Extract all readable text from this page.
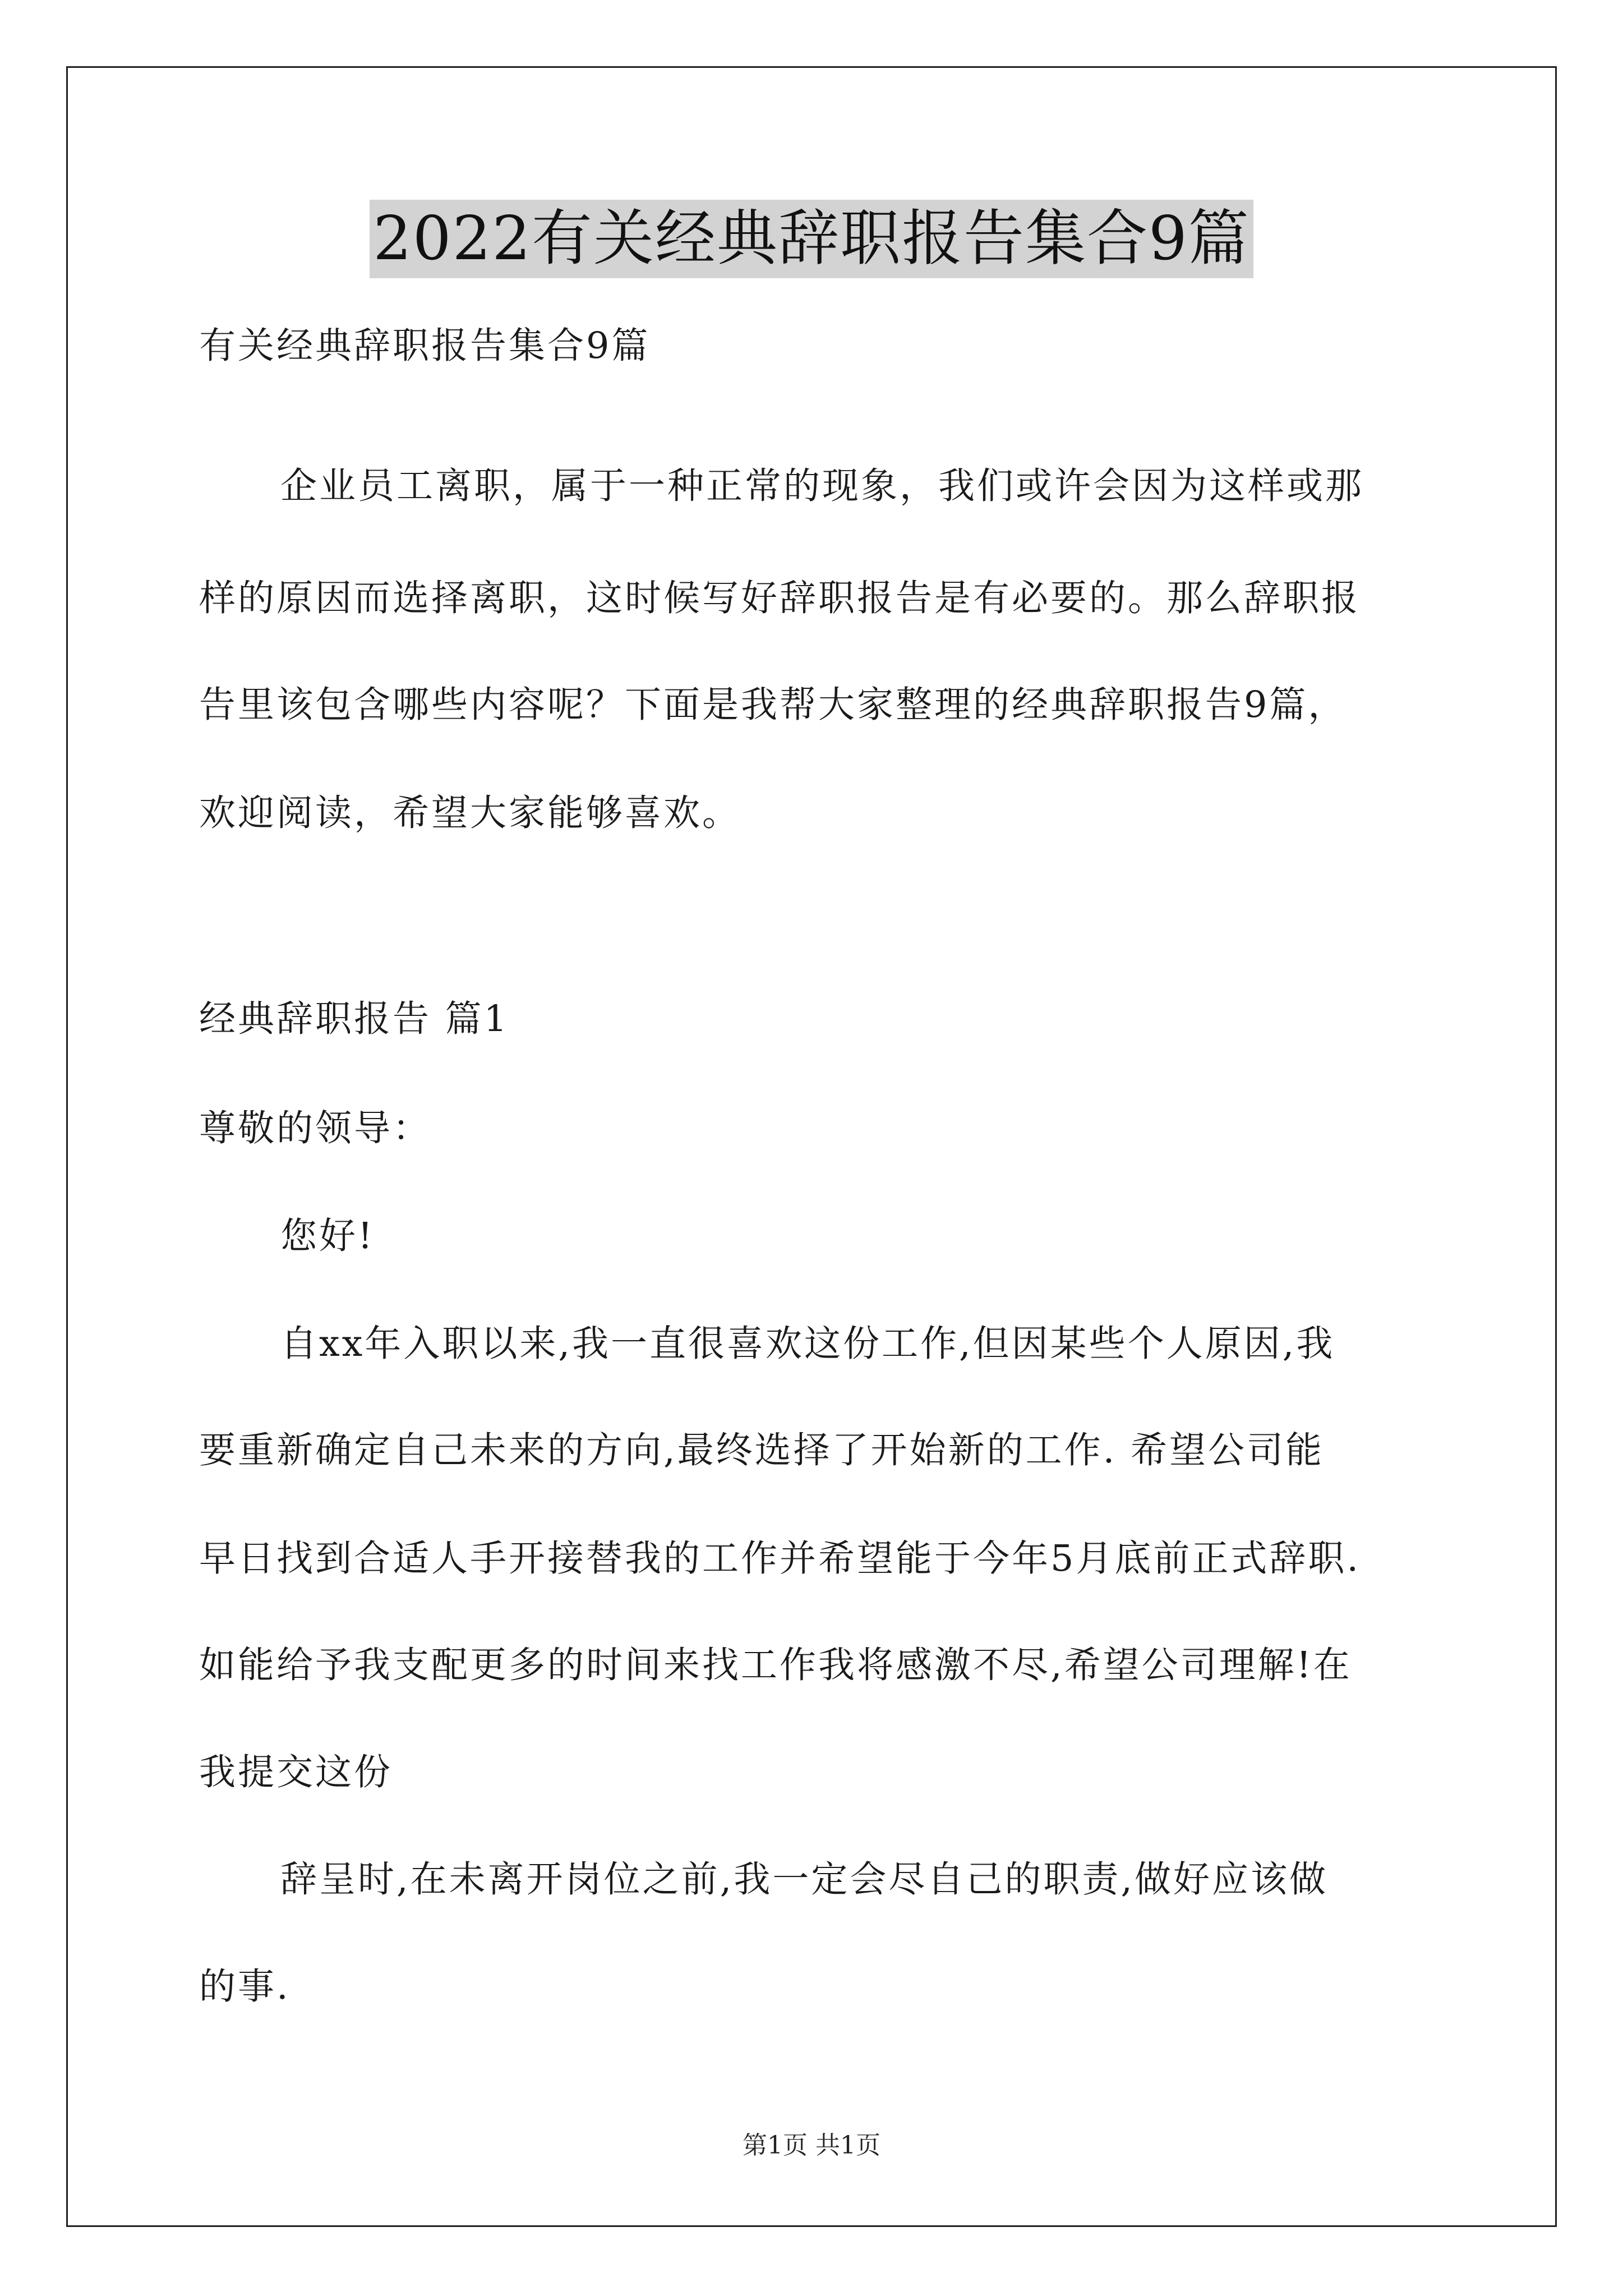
2022有关经典辞职报告集合9篇
有关经典辞职报告集合9篇
企业员工离职，属于一种正常的现象，我们或许会因为这样或那
样的原因而选择离职，这时候写好辞职报告是有必要的。那么辞职报
告里该包含哪些内容呢？下面是我帮大家整理的经典辞职报告9篇，
欢迎阅读，希望大家能够喜欢。
经典辞职报告 篇1
尊敬的领导：
您好!
自xx年入职以来,我一直很喜欢这份工作,但因某些个人原因,我
要重新确定自己未来的方向,最终选择了开始新的工作. 希望公司能
早日找到合适人手开接替我的工作并希望能于今年5月底前正式辞职.
如能给予我支配更多的时间来找工作我将感激不尽,希望公司理解!在
我提交这份
辞呈时,在未离开岗位之前,我一定会尽自己的职责,做好应该做
的事.
第1页 共1页
